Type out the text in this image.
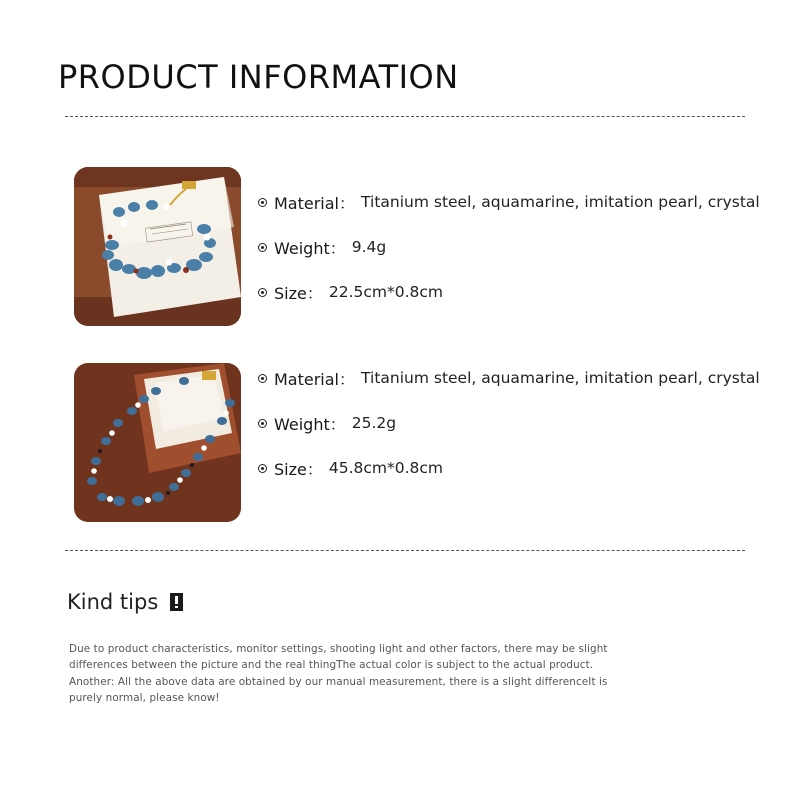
PRODUCT INFORMATION
Material： Titanium steel, aquamarine, imitation pearl, crystal
Weight： 9.4g
Size： 22.5cm*0.8cm
Material： Titanium steel, aquamarine, imitation pearl, crystal
Weight： 25.2g
Size： 45.8cm*0.8cm
Kind tips
Due to product characteristics, monitor settings, shooting light and other factors, there may be slight
differences between the picture and the real thingThe actual color is subject to the actual product.
Another: All the above data are obtained by our manual measurement, there is a slight differenceIt is
purely normal, please know!
